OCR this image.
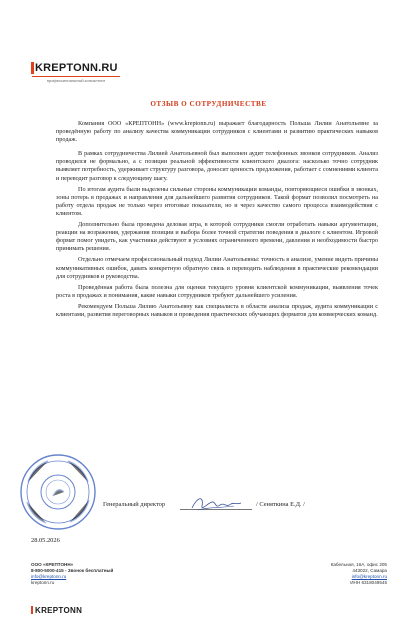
KREPTONN.RU
профессиональный консалтинг
ОТЗЫВ О СОТРУДНИЧЕСТВЕ

Компания ООО «КРЕПТОНН» (www.kreptonn.ru) выражает благодарность Польша Лилии Анатольевне за проведённую работу по анализу качества коммуникации сотрудников с клиентами и развитию практических навыков продаж.

В рамках сотрудничества Лилией Анатольевной был выполнен аудит телефонных звонков сотрудников. Анализ проводился не формально, а с позиции реальной эффективности клиентского диалога: насколько точно сотрудник выявляет потребность, удерживает структуру разговора, доносит ценность предложения, работает с сомнениями клиента и переводит разговор к следующему шагу.

По итогам аудита были выделены сильные стороны коммуникации команды, повторяющиеся ошибки в звонках, зоны потерь в продажах и направления для дальнейшего развития сотрудников. Такой формат позволил посмотреть на работу отдела продаж не только через итоговые показатели, но и через качество самого процесса взаимодействия с клиентом.

Дополнительно была проведена деловая игра, в которой сотрудники смогли отработать навыки аргументации, реакции на возражения, удержания позиции и выбора более точной стратегии поведения в диалоге с клиентом. Игровой формат помог увидеть, как участники действуют в условиях ограниченного времени, давления и необходимости быстро принимать решения.

Отдельно отмечаем профессиональный подход Лилии Анатольевны: точность в анализе, умение видеть причины коммуникативных ошибок, давать конкретную обратную связь и переводить наблюдения в практические рекомендации для сотрудников и руководства.

Проведённая работа была полезна для оценки текущего уровня клиентской коммуникации, выявления точек роста в продажах и понимания, какие навыки сотрудников требуют дальнейшего усиления.

Рекомендуем Польша Лилию Анатольевну как специалиста в области анализа продаж, аудита коммуникации с клиентами, развития переговорных навыков и проведения практических обучающих форматов для коммерческих команд.

Генеральный директор	/ Сеняткина Е.Д. /
28.05.2026
ООО «КРЕПТОНН»
8-800-5000-415 - Звонок бесплатный
info@kreptonn.ru
kreptonn.ru
Кабельная, 16А, офис 205
443022, Самара
info@kreptonn.ru
ИНН 6318049545
KREPTONN
